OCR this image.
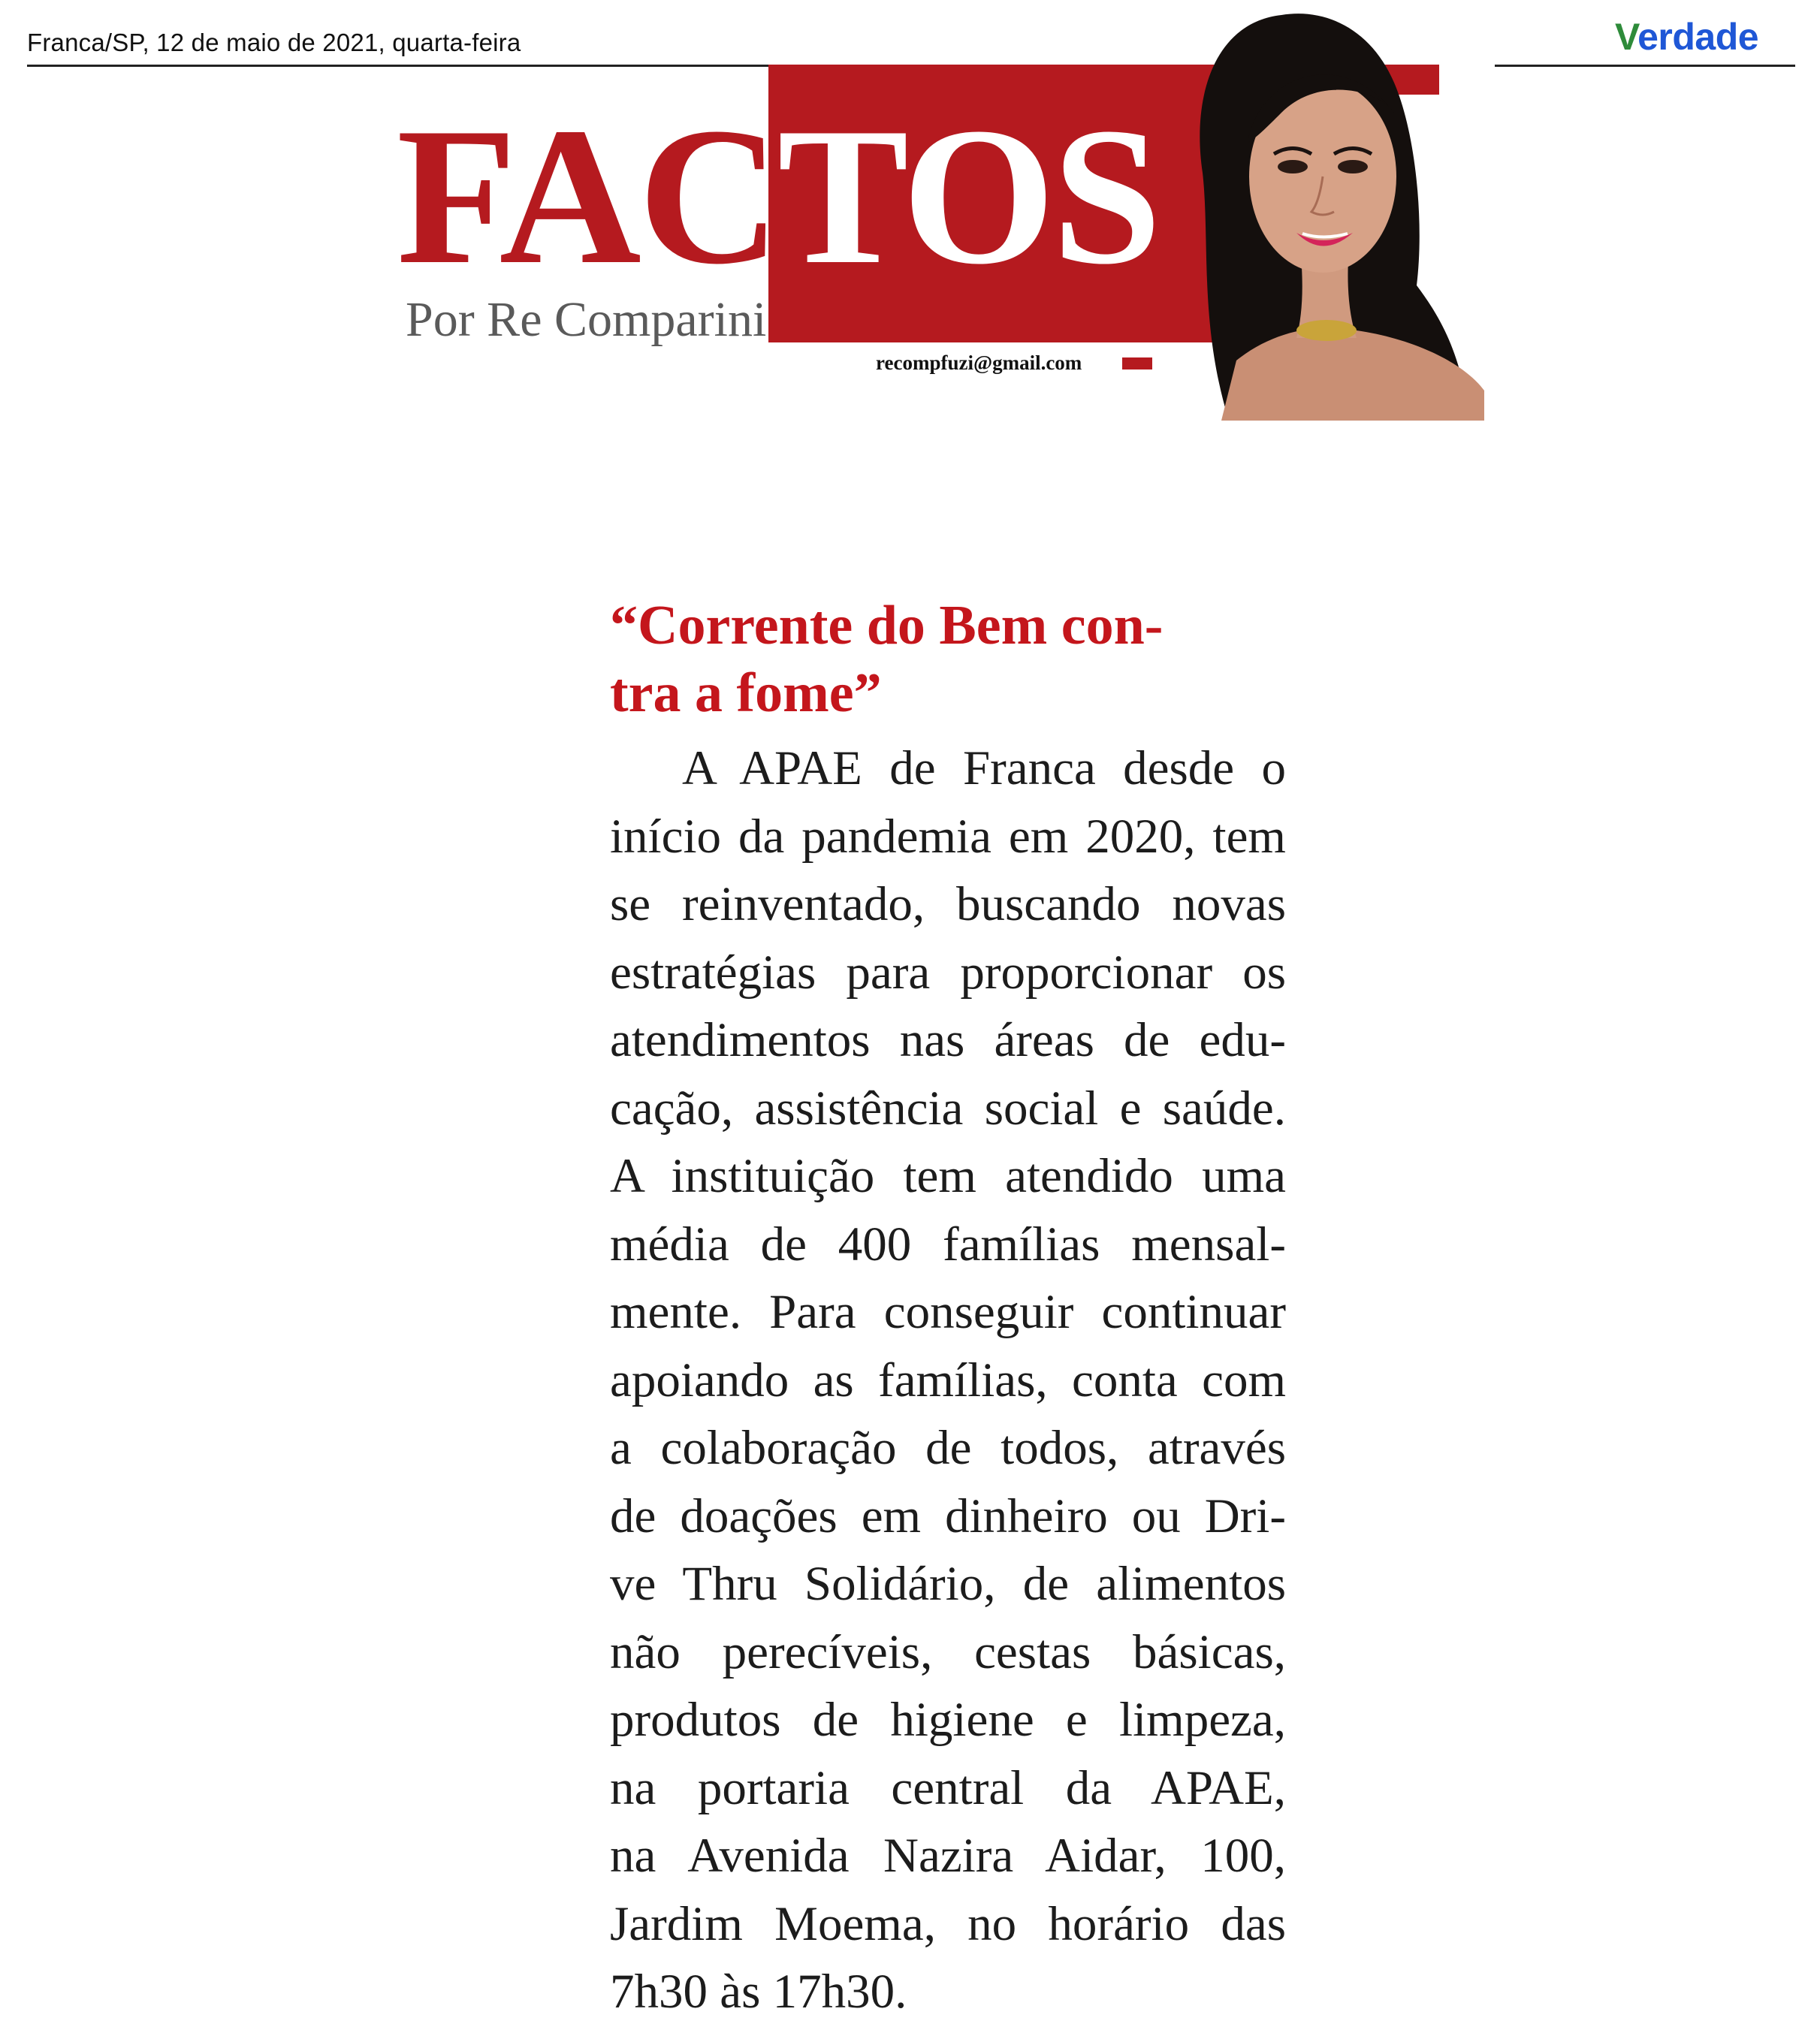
Franca/SP, 12 de maio de 2021, quarta-feira	Verdade
FACTOS
Por Re Comparini
recompfuzi@gmail.com
“Corrente do Bem con-
tra a fome”
A APAE de Franca desde o
início da pandemia em 2020, tem
se reinventado, buscando novas
estratégias para proporcionar os
atendimentos nas áreas de edu-
cação, assistência social e saúde.
A instituição tem atendido uma
média de 400 famílias mensal-
mente. Para conseguir continuar
apoiando as famílias, conta com
a colaboração de todos, através
de doações em dinheiro ou Dri-
ve Thru Solidário, de alimentos
não perecíveis, cestas básicas,
produtos de higiene e limpeza,
na portaria central da APAE,
na Avenida Nazira Aidar, 100,
Jardim Moema, no horário das
7h30 às 17h30.
